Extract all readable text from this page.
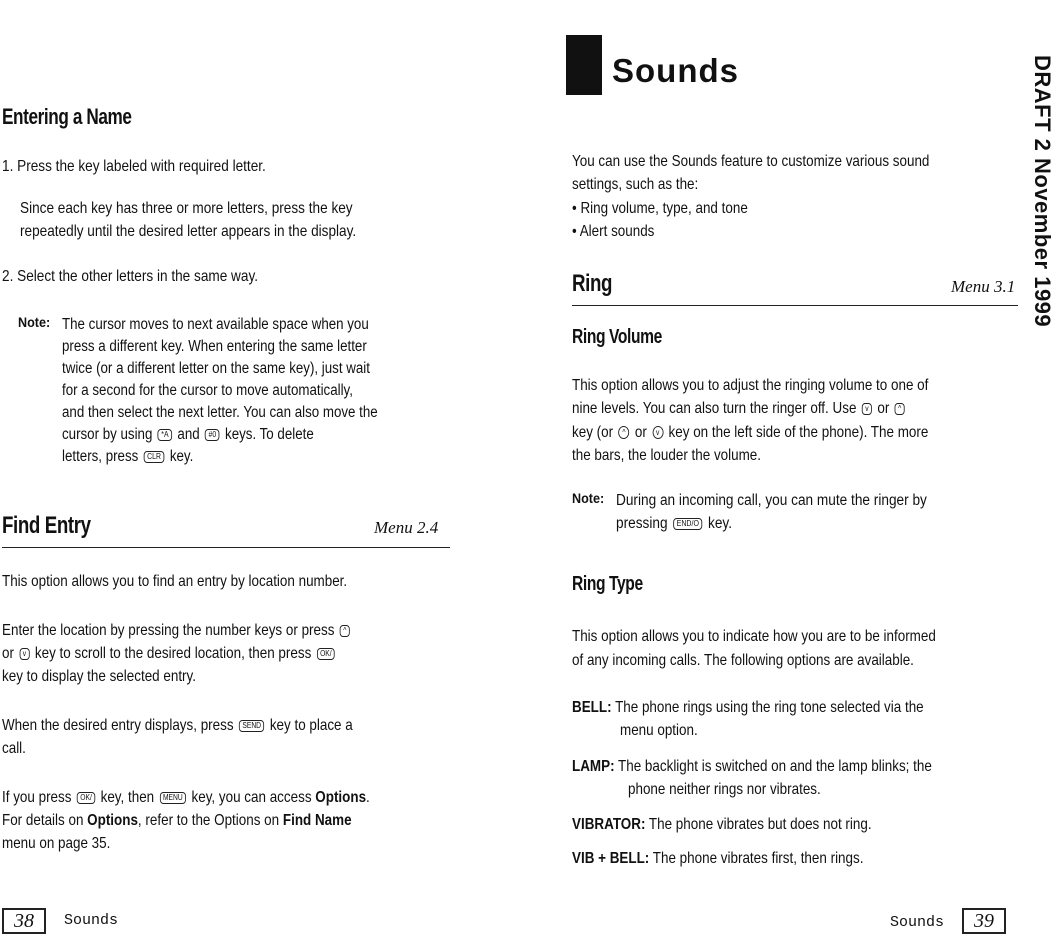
Entering a Name
1. Press the key labeled with required letter.
Since each key has three or more letters, press the key
repeatedly until the desired letter appears in the display.
2. Select the other letters in the same way.
Note: The cursor moves to next available space when you
press a different key. When entering the same letter
twice (or a different letter on the same key), just wait
for a second for the cursor to move automatically,
and then select the next letter. You can also move the
cursor by using *A and #0 keys. To delete
letters, press CLR key.
Find Entry	Menu 2.4
This option allows you to find an entry by location number.
Enter the location by pressing the number keys or press ^
or v key to scroll to the desired location, then press OK/
key to display the selected entry.
When the desired entry displays, press SEND key to place a
call.
If you press OK/ key, then MENU key, you can access Options.
For details on Options, refer to the Options on Find Name
menu on page 35.
38	Sounds
Sounds
You can use the Sounds feature to customize various sound
settings, such as the:
• Ring volume, type, and tone
• Alert sounds
Ring	Menu 3.1
Ring Volume
This option allows you to adjust the ringing volume to one of
nine levels. You can also turn the ringer off. Use v or ^
key (or ^ or v key on the left side of the phone). The more
the bars, the louder the volume.
Note: During an incoming call, you can mute the ringer by
pressing END/O key.
Ring Type
This option allows you to indicate how you are to be informed
of any incoming calls. The following options are available.
BELL: The phone rings using the ring tone selected via the
menu option.
LAMP: The backlight is switched on and the lamp blinks; the
phone neither rings nor vibrates.
VIBRATOR: The phone vibrates but does not ring.
VIB + BELL: The phone vibrates first, then rings.
Sounds	39
DRAFT 2 November 1999
